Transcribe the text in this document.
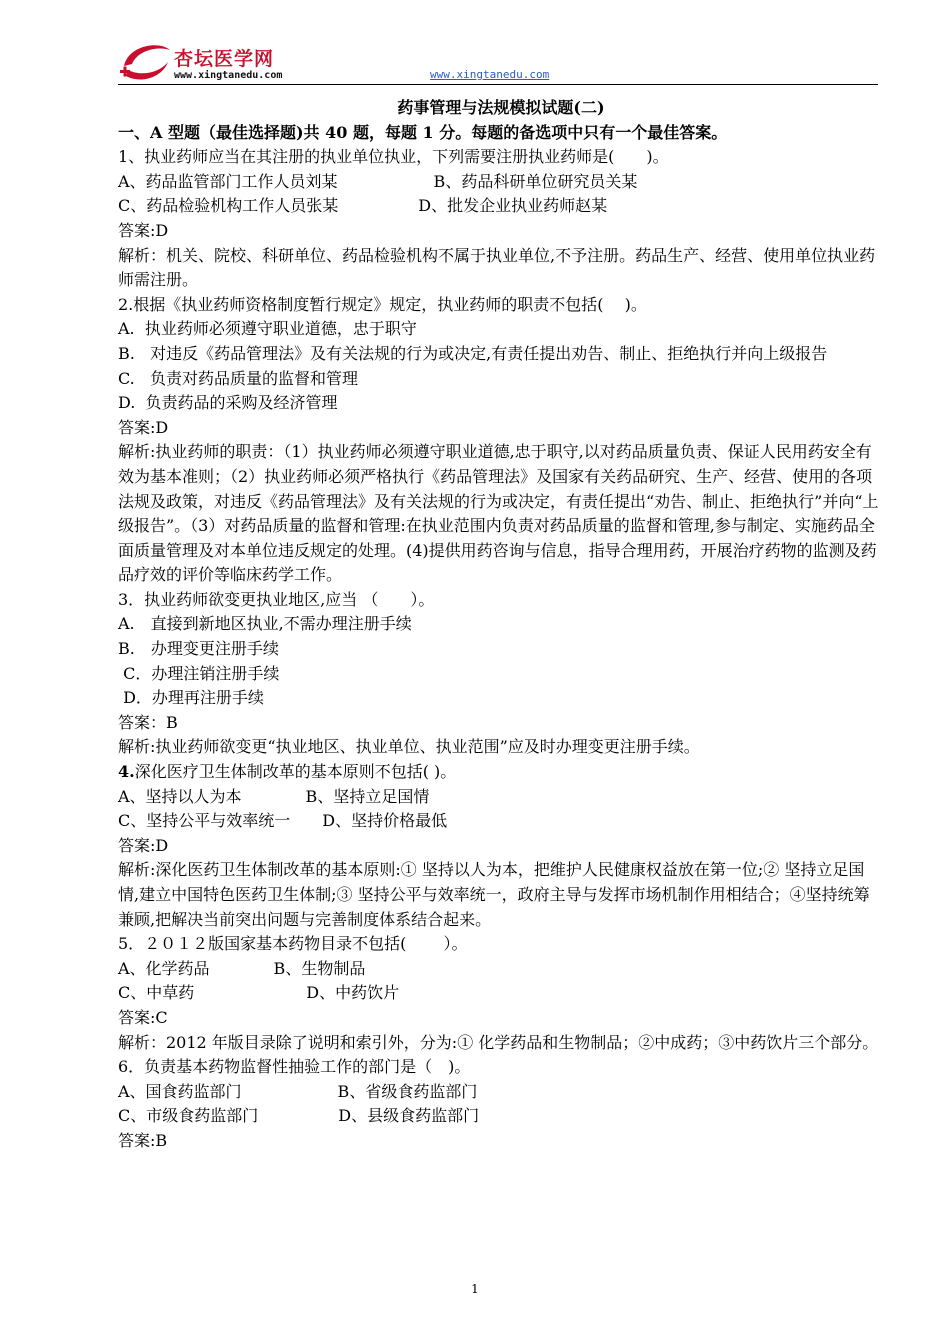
杏坛医学网
www.xingtanedu.com	www.xingtanedu.com

药事管理与法规模拟试题(二)

一、A 型题（最佳选择题)共 40 题，每题 1 分。每题的备选项中只有一个最佳答案。

1、执业药师应当在其注册的执业单位执业，下列需要注册执业药师是(　　)。

A、药品监管部门工作人员刘某　　　　　　B、药品科研单位研究员关某

C、药品检验机构工作人员张某　　　　　D、批发企业执业药师赵某

答案:D

解析：机关、院校、科研单位、药品检验机构不属于执业单位,不予注册。药品生产、经营、使用单位执业药师需注册。

2.根据《执业药师资格制度暂行规定》规定，执业药师的职责不包括(　 )。

A.  执业药师必须遵守职业道德，忠于职守

B.   对违反《药品管理法》及有关法规的行为或决定,有责任提出劝告、制止、拒绝执行并向上级报告

C.   负责对药品质量的监督和管理

D.  负责药品的采购及经济管理

答案:D

解析:执业药师的职责：（1）执业药师必须遵守职业道德,忠于职守,以对药品质量负责、保证人民用药安全有效为基本准则；（2）执业药师必须严格执行《药品管理法》及国家有关药品研究、生产、经营、使用的各项法规及政策，对违反《药品管理法》及有关法规的行为或决定，有责任提出“劝告、制止、拒绝执行”并向“上级报告”。（3）对药品质量的监督和管理:在执业范围内负责对药品质量的监督和管理,参与制定、实施药品全面质量管理及对本单位违反规定的处理。(4)提供用药咨询与信息，指导合理用药，开展治疗药物的监测及药品疗效的评价等临床药学工作。

3．执业药师欲变更执业地区,应当 （　　）。

A.　直接到新地区执业,不需办理注册手续

B.　办理变更注册手续

C．办理注销注册手续

D．办理再注册手续

答案：B

解析:执业药师欲变更“执业地区、执业单位、执业范围”应及时办理变更注册手续。

4.深化医疗卫生体制改革的基本原则不包括( )。

A、坚持以人为本　　　　B、坚持立足国情

C、坚持公平与效率统一　　D、坚持价格最低

答案:D

解析:深化医药卫生体制改革的基本原则:① 坚持以人为本，把维护人民健康权益放在第一位;② 坚持立足国情,建立中国特色医药卫生体制;③ 坚持公平与效率统一，政府主导与发挥市场机制作用相结合；④坚持统筹兼顾,把解决当前突出问题与完善制度体系结合起来。

5．２０１２版国家基本药物目录不包括(　　 ）。

A、化学药品　　　　B、生物制品

C、中草药　　　　　　　D、中药饮片

答案:C

解析：2012 年版目录除了说明和索引外，分为:① 化学药品和生物制品；②中成药；③中药饮片三个部分。

6．负责基本药物监督性抽验工作的部门是（　)。

A、国食药监部门　　　　　　B、省级食药监部门

C、市级食药监部门　　　　　D、县级食药监部门

答案:B

1
